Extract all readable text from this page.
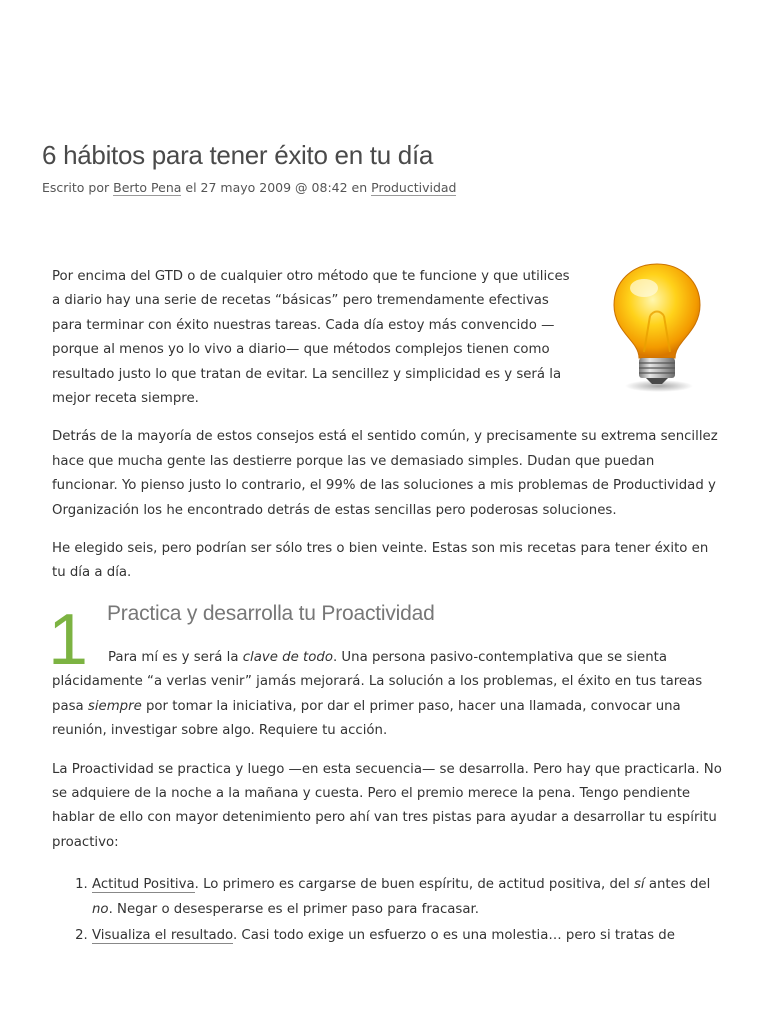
6 hábitos para tener éxito en tu día
Escrito por Berto Pena el 27 mayo 2009 @ 08:42 en Productividad

Por encima del GTD o de cualquier otro método que te funcione y que utilices a diario hay una serie de recetas “básicas” pero tremendamente efectivas para terminar con éxito nuestras tareas. Cada día estoy más convencido —porque al menos yo lo vivo a diario— que métodos complejos tienen como resultado justo lo que tratan de evitar. La sencillez y simplicidad es y será la mejor receta siempre.

Detrás de la mayoría de estos consejos está el sentido común, y precisamente su extrema sencillez hace que mucha gente las destierre porque las ve demasiado simples. Dudan que puedan funcionar. Yo pienso justo lo contrario, el 99% de las soluciones a mis problemas de Productividad y Organización los he encontrado detrás de estas sencillas pero poderosas soluciones.

He elegido seis, pero podrían ser sólo tres o bien veinte. Estas son mis recetas para tener éxito en tu día a día.

1 Practica y desarrolla tu Proactividad

Para mí es y será la clave de todo. Una persona pasivo-contemplativa que se sienta plácidamente “a verlas venir” jamás mejorará. La solución a los problemas, el éxito en tus tareas pasa siempre por tomar la iniciativa, por dar el primer paso, hacer una llamada, convocar una reunión, investigar sobre algo. Requiere tu acción.

La Proactividad se practica y luego —en esta secuencia— se desarrolla. Pero hay que practicarla. No se adquiere de la noche a la mañana y cuesta. Pero el premio merece la pena. Tengo pendiente hablar de ello con mayor detenimiento pero ahí van tres pistas para ayudar a desarrollar tu espíritu proactivo:

1. Actitud Positiva. Lo primero es cargarse de buen espíritu, de actitud positiva, del sí antes del no. Negar o desesperarse es el primer paso para fracasar.
2. Visualiza el resultado. Casi todo exige un esfuerzo o es una molestia… pero si tratas de
